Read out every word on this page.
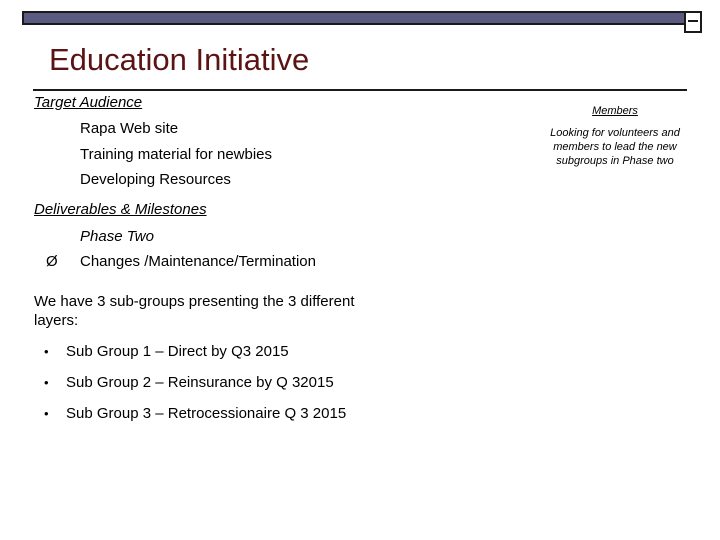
Education Initiative
Target Audience
Rapa Web site
Training material for newbies
Developing Resources
Deliverables & Milestones
Phase Two
Ø Changes /Maintenance/Termination
We have 3 sub-groups presenting the 3 different
layers:
• Sub Group 1 – Direct by Q3 2015
• Sub Group 2 – Reinsurance by Q 32015
• Sub Group 3 – Retrocessionaire Q 3 2015
Members
Looking for volunteers and
members to lead the new
subgroups in Phase two
